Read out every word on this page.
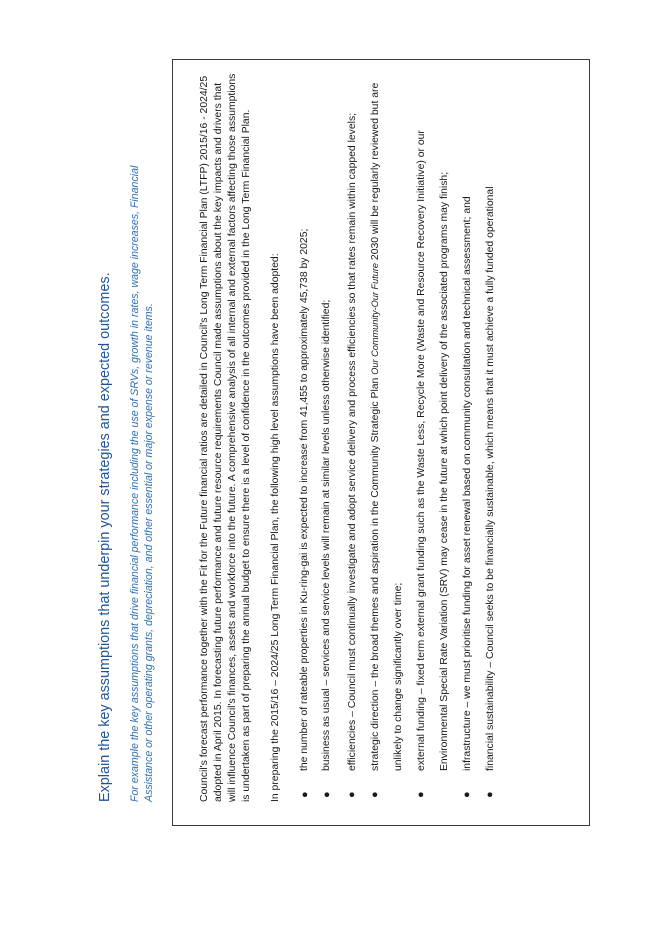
Explain the key assumptions that underpin your strategies and expected outcomes. For example the key assumptions that drive financial performance including the use of SRVs, growth in rates, wage increases, Financial Assistance or other operating grants, depreciation, and other essential or major expense or revenue items.	Council's forecast performance together with the Fit for the Future financial ratios are detailed in Council's Long Term Financial Plan (LTFP) 2015/16 - 2024/25 adopted in April 2015. In forecasting future performance and future resource requirements Council made assumptions about the key impacts and drivers that will influence Council's finances, assets and workforce into the future. A comprehensive analysis of all internal and external factors affecting those assumptions is undertaken as part of preparing the annual budget to ensure there is a level of confidence in the outcomes provided in the Long Term Financial Plan. In preparing the 2015/16 – 2024/25 Long Term Financial Plan, the following high level assumptions have been adopted: ●
the number of rateable properties in Ku-ring-gai is expected to increase from 41,455 to approximately 45,738 by 2025;
●
business as usual – services and service levels will remain at similar levels unless otherwise identified;
●
efficiencies – Council must continually investigate and adopt service delivery and process efficiencies so that rates remain within capped levels;
●
strategic direction – the broad themes and aspiration in the Community Strategic Plan Our Community-Our Future 2030 will be regularly reviewed but are unlikely to change significantly over time;
●
external funding – fixed term external grant funding such as the Waste Less, Recycle More (Waste and Resource Recovery Initiative) or our Environmental Special Rate Variation (SRV) may cease in the future at which point delivery of the associated programs may finish;
●
infrastructure – we must prioritise funding for asset renewal based on community consultation and technical assessment; and
●
financial sustainability – Council seeks to be financially sustainable, which means that it must achieve a fully funded operational
